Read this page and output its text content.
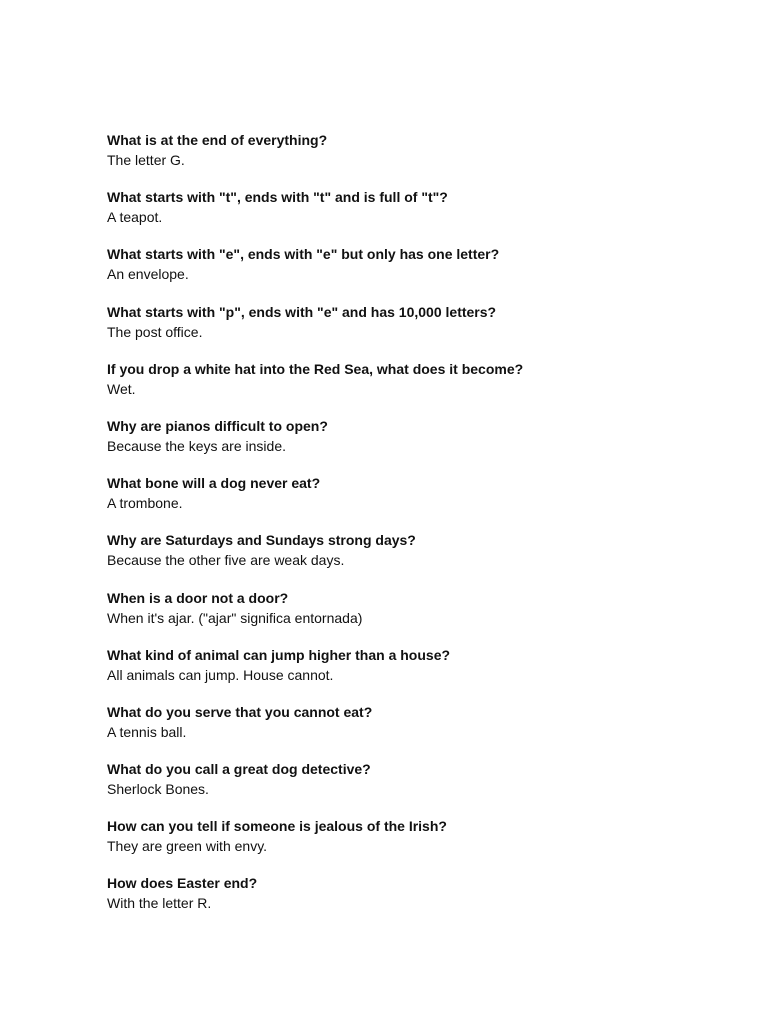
What is at the end of everything?
The letter G.
What starts with "t", ends with "t" and is full of "t"?
A teapot.
What starts with "e", ends with "e" but only has one letter?
An envelope.
What starts with "p", ends with "e" and has 10,000 letters?
The post office.
If you drop a white hat into the Red Sea, what does it become?
Wet.
Why are pianos difficult to open?
Because the keys are inside.
What bone will a dog never eat?
A trombone.
Why are Saturdays and Sundays strong days?
Because the other five are weak days.
When is a door not a door?
When it's ajar. ("ajar" significa entornada)
What kind of animal can jump higher than a house?
All animals can jump. House cannot.
What do you serve that you cannot eat?
A tennis ball.
What do you call a great dog detective?
Sherlock Bones.
How can you tell if someone is jealous of the Irish?
They are green with envy.
How does Easter end?
With the letter R.
